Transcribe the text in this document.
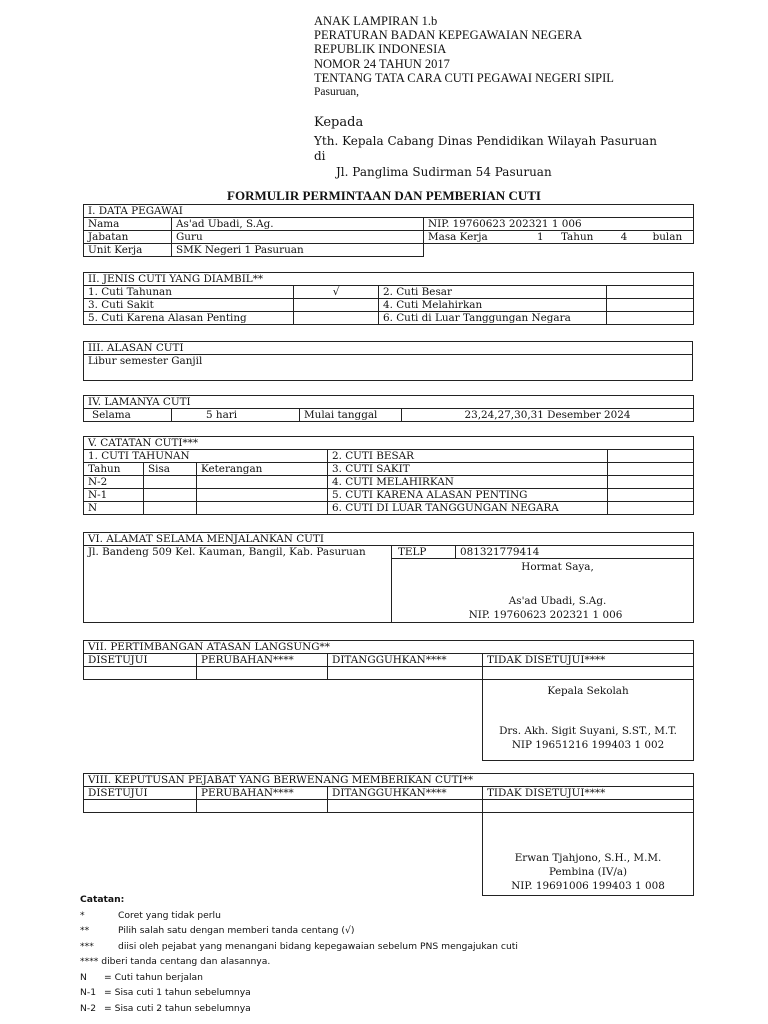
ANAK LAMPIRAN 1.b
PERATURAN BADAN KEPEGAWAIAN NEGERA
REPUBLIK INDONESIA
NOMOR 24 TAHUN 2017
TENTANG TATA CARA CUTI PEGAWAI NEGERI SIPIL
Pasuruan,
Kepada
Yth. Kepala Cabang Dinas Pendidikan Wilayah Pasuruan
di
Jl. Panglima Sudirman 54 Pasuruan
FORMULIR PERMINTAAN DAN PEMBERIAN CUTI
I. DATA PEGAWAI		
Nama	As'ad Ubadi, S.Ag.	NIP. 19760623 202321 1 006
Jabatan	Guru	Masa Kerja 1 Tahun 4 bulan
Unit Kerja	SMK Negeri 1 Pasuruan	
II. JENIS CUTI YANG DIAMBIL**			
1. Cuti Tahunan	√	2. Cuti Besar	
3. Cuti Sakit		4. Cuti Melahirkan	
5. Cuti Karena Alasan Penting		6. Cuti di Luar Tanggungan Negara	
III. ALASAN CUTI
Libur semester Ganjil
IV. LAMANYA CUTI
Selama	5 hari	Mulai tanggal	23,24,27,30,31 Desember 2024
V. CATATAN CUTI***				
1. CUTI TAHUNAN			2. CUTI BESAR	
Tahun	Sisa	Keterangan	3. CUTI SAKIT	
N-2			4. CUTI MELAHIRKAN	
N-1			5. CUTI KARENA ALASAN PENTING	
N			6. CUTI DI LUAR TANGGUNGAN NEGARA	
VI. ALAMAT SELAMA MENJALANKAN CUTI
Jl. Bandeng 509 Kel. Kauman, Bangil, Kab. Pasuruan	TELP	081321779414

Hormat Saya,
As'ad Ubadi, S.Ag.
NIP. 19760623 202321 1 006
VII. PERTIMBANGAN ATASAN LANGSUNG**			
DISETUJUI	PERUBAHAN****	DITANGGUHKAN****	TIDAK DISETUJUI****

			Kepala Sekolah
Drs. Akh. Sigit Suyani, S.ST., M.T.
NIP 19651216 199403 1 002
VIII. KEPUTUSAN PEJABAT YANG BERWENANG MEMBERIKAN CUTI**			
DISETUJUI	PERUBAHAN****	DITANGGUHKAN****	TIDAK DISETUJUI****

			Erwan Tjahjono, S.H., M.M.
Pembina (IV/a)
NIP. 19691006 199403 1 008
Catatan:
*	Coret yang tidak perlu
**	Pilih salah satu dengan memberi tanda centang (√)
***	diisi oleh pejabat yang menangani bidang kepegawaian sebelum PNS mengajukan cuti
**** diberi tanda centang dan alasannya.
N = Cuti tahun berjalan
N-1 = Sisa cuti 1 tahun sebelumnya
N-2 = Sisa cuti 2 tahun sebelumnya
